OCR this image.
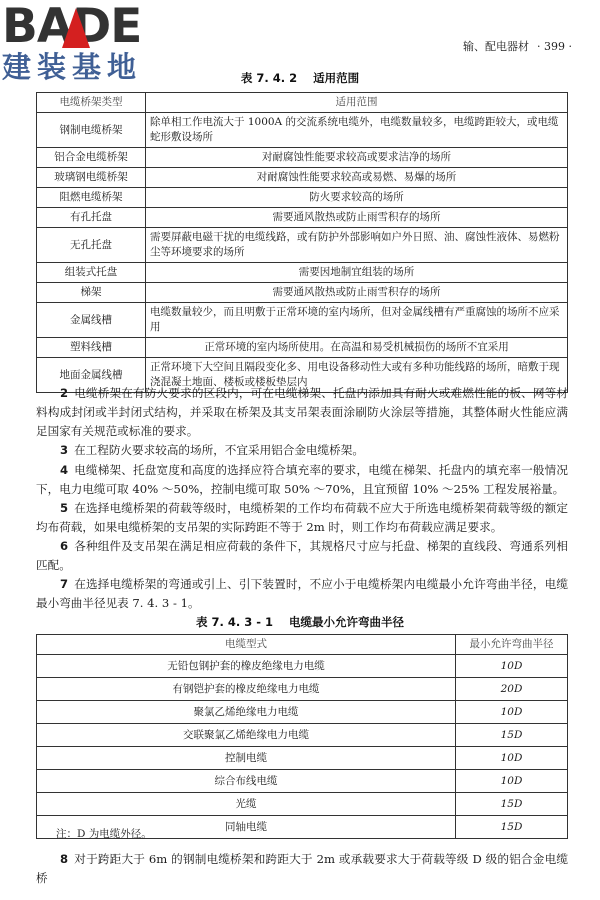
BADE
建装基地
输、配电器材 · 399 ·
表 7. 4. 2 适用范围
电缆桥架类型	适用范围
钢制电缆桥架	除单相工作电流大于 1000A 的交流系统电缆外，电缆数量较多，电缆跨距较大，或电缆蛇形敷设场所
铝合金电缆桥架	对耐腐蚀性能要求较高或要求洁净的场所
玻璃钢电缆桥架	对耐腐蚀性能要求较高或易燃、易爆的场所
阻燃电缆桥架	防火要求较高的场所
有孔托盘	需要通风散热或防止雨雪积存的场所
无孔托盘	需要屏蔽电磁干扰的电缆线路，或有防护外部影响如户外日照、油、腐蚀性液体、易燃粉尘等环境要求的场所
组装式托盘	需要因地制宜组装的场所
梯架	需要通风散热或防止雨雪积存的场所
金属线槽	电缆数量较少，而且明敷于正常环境的室内场所，但对金属线槽有严重腐蚀的场所不应采用
塑料线槽	正常环境的室内场所使用。在高温和易受机械损伤的场所不宜采用
地面金属线槽	正常环境下大空间且隔段变化多、用电设备移动性大或有多种功能线路的场所，暗敷于现浇混凝土地面、楼板或楼板垫层内
2 电缆桥架在有防火要求的区段内，可在电缆梯架、托盘内添加具有耐火或难燃性能的板、网等材料构成封闭或半封闭式结构，并采取在桥架及其支吊架表面涂刷防火涂层等措施，其整体耐火性能应满足国家有关规范或标准的要求。
3 在工程防火要求较高的场所，不宜采用铝合金电缆桥架。
4 电缆梯架、托盘宽度和高度的选择应符合填充率的要求，电缆在梯架、托盘内的填充率一般情况下，电力电缆可取 40% ～50%，控制电缆可取 50% ～70%，且宜预留 10% ～25% 工程发展裕量。
5 在选择电缆桥架的荷载等级时，电缆桥架的工作均布荷载不应大于所选电缆桥架荷载等级的额定均布荷载，如果电缆桥架的支吊架的实际跨距不等于 2m 时，则工作均布荷载应满足要求。
6 各种组件及支吊架在满足相应荷载的条件下，其规格尺寸应与托盘、梯架的直线段、弯通系列相匹配。
7 在选择电缆桥架的弯通或引上、引下装置时，不应小于电缆桥架内电缆最小允许弯曲半径，电缆最小弯曲半径见表 7. 4. 3 - 1。
表 7. 4. 3 - 1 电缆最小允许弯曲半径
电缆型式	最小允许弯曲半径
无铅包钢护套的橡皮绝缘电力电缆	10D
有钢铠护套的橡皮绝缘电力电缆	20D
聚氯乙烯绝缘电力电缆	10D
交联聚氯乙烯绝缘电力电缆	15D
控制电缆	10D
综合布线电缆	10D
光缆	15D
同轴电缆	15D
注：D 为电缆外径。
8 对于跨距大于 6m 的钢制电缆桥架和跨距大于 2m 或承载要求大于荷载等级 D 级的铝合金电缆桥
